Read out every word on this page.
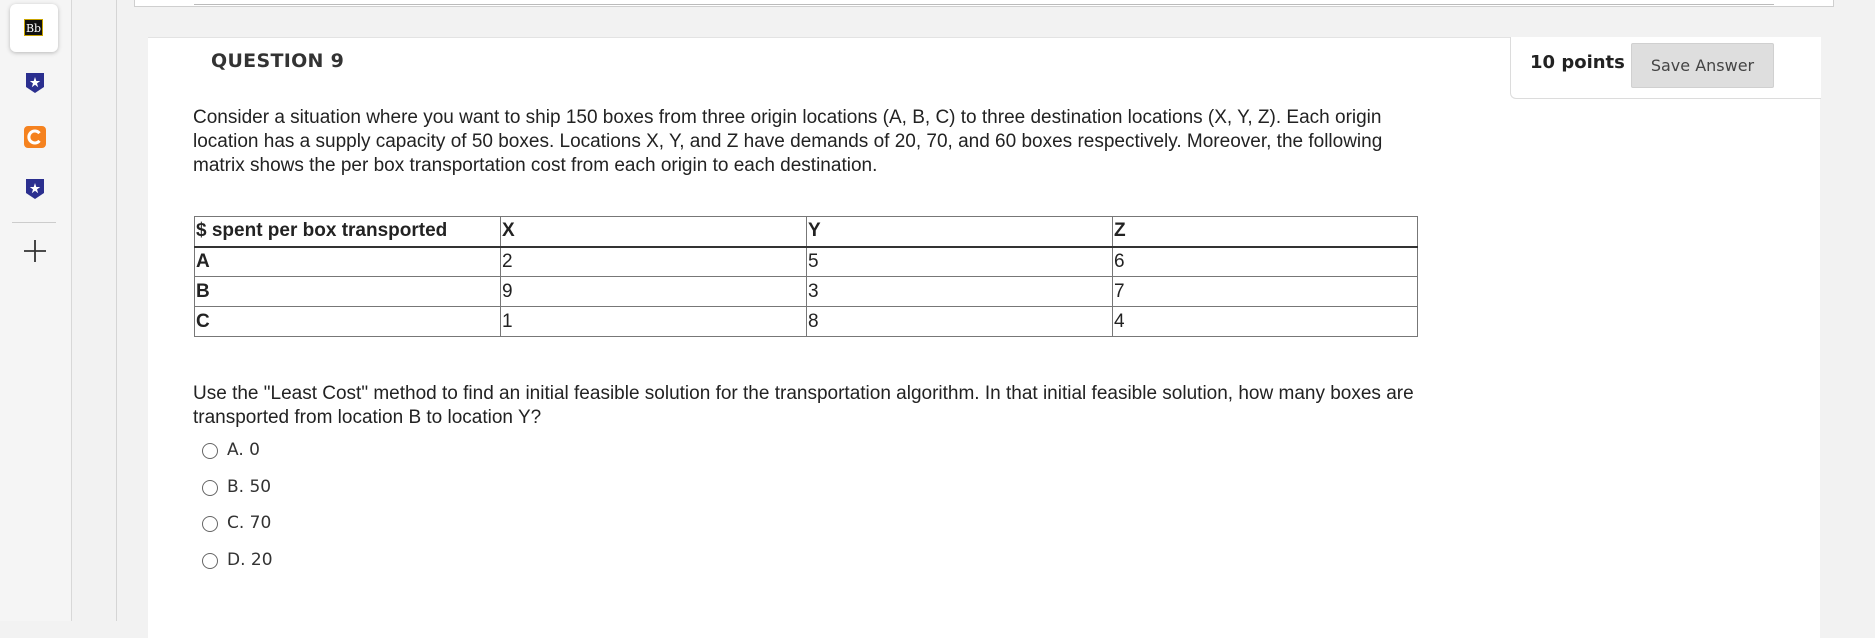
Bb
QUESTION 9	10 points	Save Answer

Consider a situation where you want to ship 150 boxes from three origin locations (A, B, C) to three destination locations (X, Y, Z). Each origin location has a supply capacity of 50 boxes. Locations X, Y, and Z have demands of 20, 70, and 60 boxes respectively. Moreover, the following matrix shows the per box transportation cost from each origin to each destination.

$ spent per box transported	X	Y	Z
A	2	5	6
B	9	3	7
C	1	8	4

Use the "Least Cost" method to find an initial feasible solution for the transportation algorithm. In that initial feasible solution, how many boxes are transported from location B to location Y?

A. 0
B. 50
C. 70
D. 20
